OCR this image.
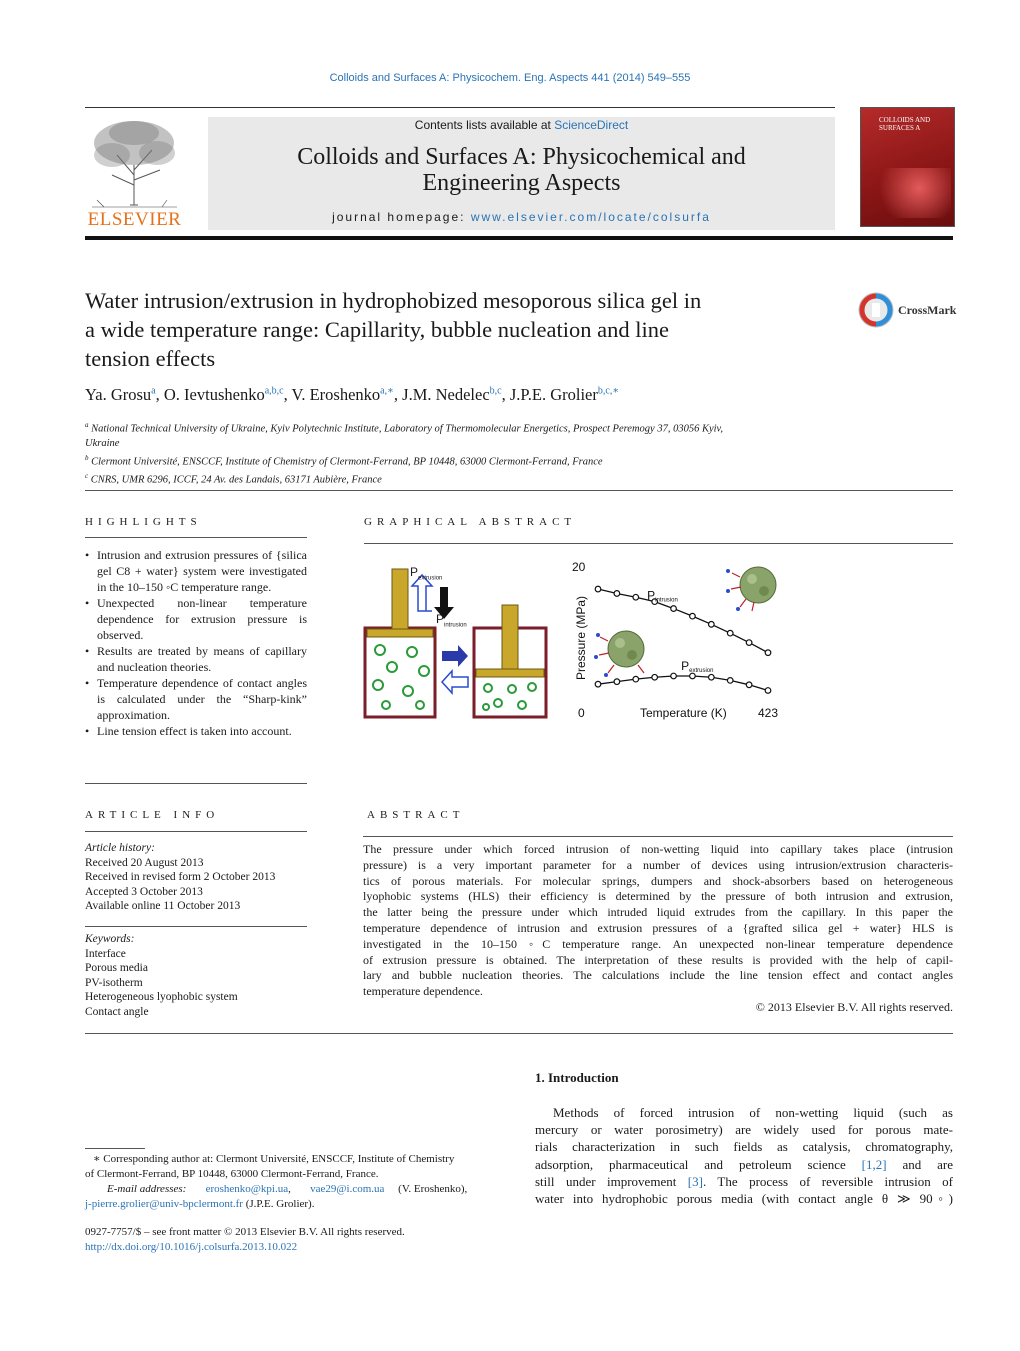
Colloids and Surfaces A: Physicochem. Eng. Aspects 441 (2014) 549–555
ELSEVIER
Contents lists available at ScienceDirect
Colloids and Surfaces A: Physicochemical and
Engineering Aspects
journal homepage: www.elsevier.com/locate/colsurfa
COLLOIDS AND SURFACES A
Water intrusion/extrusion in hydrophobized mesoporous silica gel in
a wide temperature range: Capillarity, bubble nucleation and line
tension effects
CrossMark
Ya. Grosu$^a$, O. Ievtushenko$^{a,b,c}$, V. Eroshenko$^{a,∗}$, J.M. Nedelec$^{b,c}$, J.P.E. Grolier$^{b,c,∗}$
$^a$ National Technical University of Ukraine, Kyiv Polytechnic Institute, Laboratory of Thermomolecular Energetics, Prospect Peremogy 37, 03056 Kyiv,
Ukraine
$^b$ Clermont Université, ENSCCF, Institute of Chemistry of Clermont-Ferrand, BP 10448, 63000 Clermont-Ferrand, France
$^c$ CNRS, UMR 6296, ICCF, 24 Av. des Landais, 63171 Aubière, France
HIGHLIGHTS
• Intrusion and extrusion pressures of {silica gel C8 + water} system were investigated in the 10–150 ◦C temperature range.
• Unexpected non-linear temperature dependence for extrusion pressure is observed.
• Results are treated by means of capillary and nucleation theories.
• Temperature dependence of contact angles is calculated under the “Sharp-kink” approximation.
• Line tension effect is taken into account.
GRAPHICAL ABSTRACT
$P_{extrusion}$
$P_{intrusion}$
20
0	423
Temperature (K)
Pressure (MPa)
Pintrusion
Pextrusion
ARTICLE INFO
Article history:
Received 20 August 2013
Received in revised form 2 October 2013
Accepted 3 October 2013
Available online 11 October 2013
Keywords:
Interface
Porous media
PV-isotherm
Heterogeneous lyophobic system
Contact angle
ABSTRACT
The pressure under which forced intrusion of non-wetting liquid into capillary takes place (intrusion
pressure) is a very important parameter for a number of devices using intrusion/extrusion characteris-
tics of porous materials. For molecular springs, dumpers and shock-absorbers based on heterogeneous
lyophobic systems (HLS) their efficiency is determined by the pressure of both intrusion and extrusion,
the latter being the pressure under which intruded liquid extrudes from the capillary. In this paper the
temperature dependence of intrusion and extrusion pressures of a {grafted silica gel + water} HLS is
investigated in the 10–150 ◦C temperature range. An unexpected non-linear temperature dependence
of extrusion pressure is obtained. The interpretation of these results is provided with the help of capil-
lary and bubble nucleation theories. The calculations include the line tension effect and contact angles
temperature dependence.
© 2013 Elsevier B.V. All rights reserved.
∗ Corresponding author at: Clermont Université, ENSCCF, Institute of Chemistry
of Clermont-Ferrand, BP 10448, 63000 Clermont-Ferrand, France.
E-mail addresses: eroshenko@kpi.ua,       vae29@i.com.ua (V. Eroshenko),
j-pierre.grolier@univ-bpclermont.fr (J.P.E. Grolier).
0927-7757/$ – see front matter © 2013 Elsevier B.V. All rights reserved.
http://dx.doi.org/10.1016/j.colsurfa.2013.10.022
1. Introduction
Methods of forced intrusion of non-wetting liquid (such as
mercury or water porosimetry) are widely used for porous mate-
rials characterization in such fields as catalysis, chromatography,
adsorption, pharmaceutical and petroleum science [1,2] and are
still under improvement [3]. The process of reversible intrusion of
water into hydrophobic porous media (with contact angle θ ≫ 90◦)
